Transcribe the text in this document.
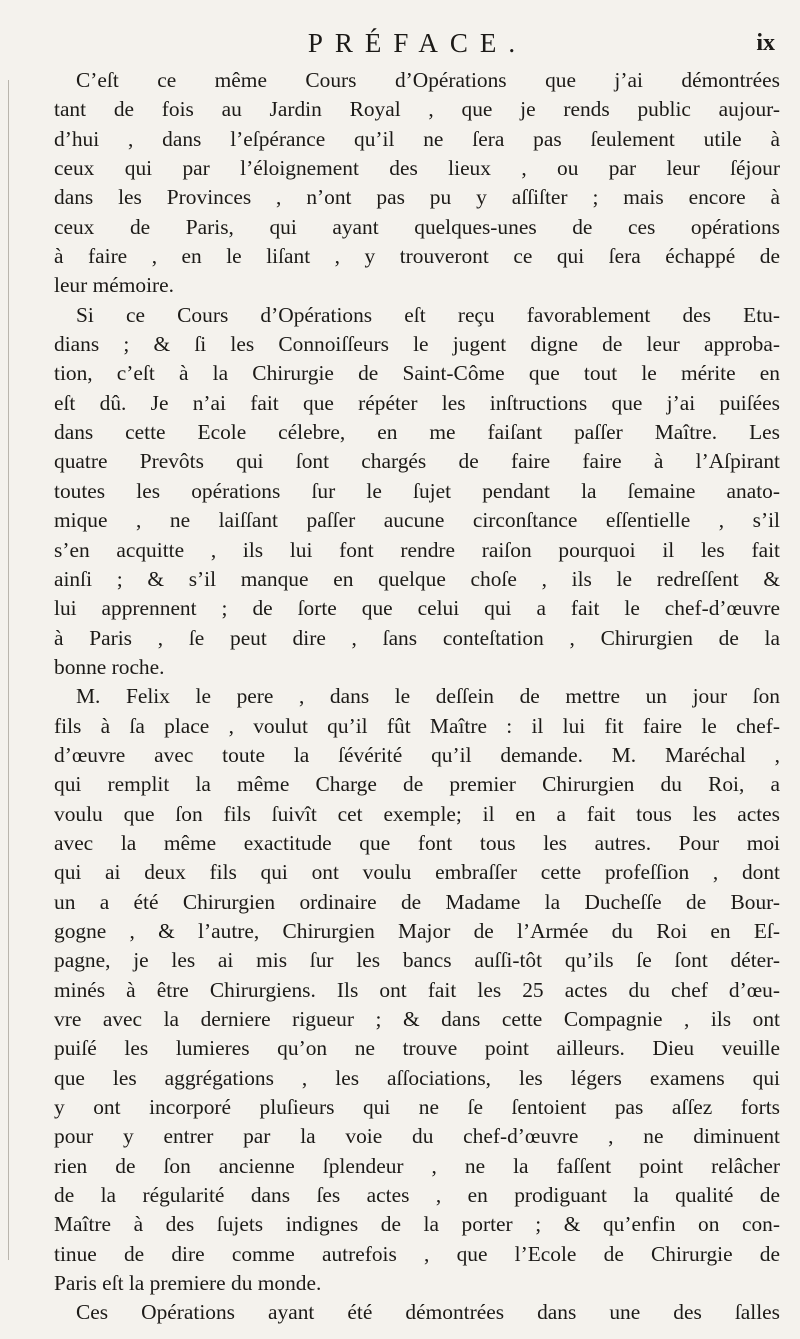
PRÉFACE.	ix
C’eſt ce même Cours d’Opérations que j’ai démontrées
tant de fois au Jardin Royal , que je rends public aujour-
d’hui , dans l’eſpérance qu’il ne ſera pas ſeulement utile à
ceux qui par l’éloignement des lieux , ou par leur ſéjour
dans les Provinces , n’ont pas pu y aſſiſter ; mais encore à
ceux de Paris, qui ayant quelques-unes de ces opérations
à faire , en le liſant , y trouveront ce qui ſera échappé de
leur mémoire.
Si ce Cours d’Opérations eſt reçu favorablement des Etu-
dians ; & ſi les Connoiſſeurs le jugent digne de leur approba-
tion, c’eſt à la Chirurgie de Saint-Côme que tout le mérite en
eſt dû. Je n’ai fait que répéter les inſtructions que j’ai puiſées
dans cette Ecole célebre, en me faiſant paſſer Maître. Les
quatre Prevôts qui ſont chargés de faire faire à l’Aſpirant
toutes les opérations ſur le ſujet pendant la ſemaine anato-
mique , ne laiſſant paſſer aucune circonſtance eſſentielle , s’il
s’en acquitte , ils lui font rendre raiſon pourquoi il les fait
ainſi ; & s’il manque en quelque choſe , ils le redreſſent &
lui apprennent ; de ſorte que celui qui a fait le chef-d’œuvre
à Paris , ſe peut dire , ſans conteſtation , Chirurgien de la
bonne roche.
M. Felix le pere , dans le deſſein de mettre un jour ſon
fils à ſa place , voulut qu’il fût Maître : il lui fit faire le chef-
d’œuvre avec toute la ſévérité qu’il demande. M. Maréchal ,
qui remplit la même Charge de premier Chirurgien du Roi, a
voulu que ſon fils ſuivît cet exemple; il en a fait tous les actes
avec la même exactitude que font tous les autres. Pour moi
qui ai deux fils qui ont voulu embraſſer cette profeſſion , dont
un a été Chirurgien ordinaire de Madame la Ducheſſe de Bour-
gogne , & l’autre, Chirurgien Major de l’Armée du Roi en Eſ-
pagne, je les ai mis ſur les bancs auſſi-tôt qu’ils ſe ſont déter-
minés à être Chirurgiens. Ils ont fait les 25 actes du chef d’œu-
vre avec la derniere rigueur ; & dans cette Compagnie , ils ont
puiſé les lumieres qu’on ne trouve point ailleurs. Dieu veuille
que les aggrégations , les aſſociations, les légers examens qui
y ont incorporé pluſieurs qui ne ſe ſentoient pas aſſez forts
pour y entrer par la voie du chef-d’œuvre , ne diminuent
rien de ſon ancienne ſplendeur , ne la faſſent point relâcher
de la régularité dans ſes actes , en prodiguant la qualité de
Maître à des ſujets indignes de la porter ; & qu’enfin on con-
tinue de dire comme autrefois , que l’Ecole de Chirurgie de
Paris eſt la premiere du monde.
Ces Opérations ayant été démontrées dans une des ſalles
